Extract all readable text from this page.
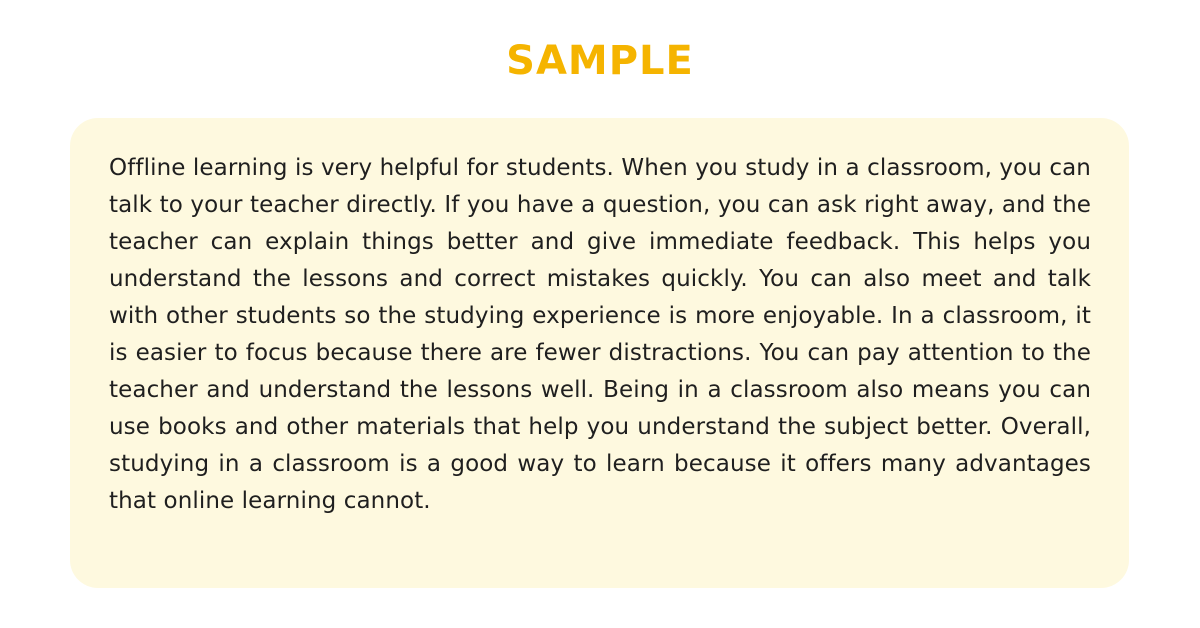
SAMPLE

Offline learning is very helpful for students. When you study in a classroom, you can talk to your teacher directly. If you have a question, you can ask right away, and the teacher can explain things better and give immediate feedback. This helps you understand the lessons and correct mistakes quickly. You can also meet and talk with other students so the studying experience is more enjoyable. In a classroom, it is easier to focus because there are fewer distractions. You can pay attention to the teacher and understand the lessons well. Being in a classroom also means you can use books and other materials that help you understand the subject better. Overall, studying in a classroom is a good way to learn because it offers many advantages that online learning cannot.
